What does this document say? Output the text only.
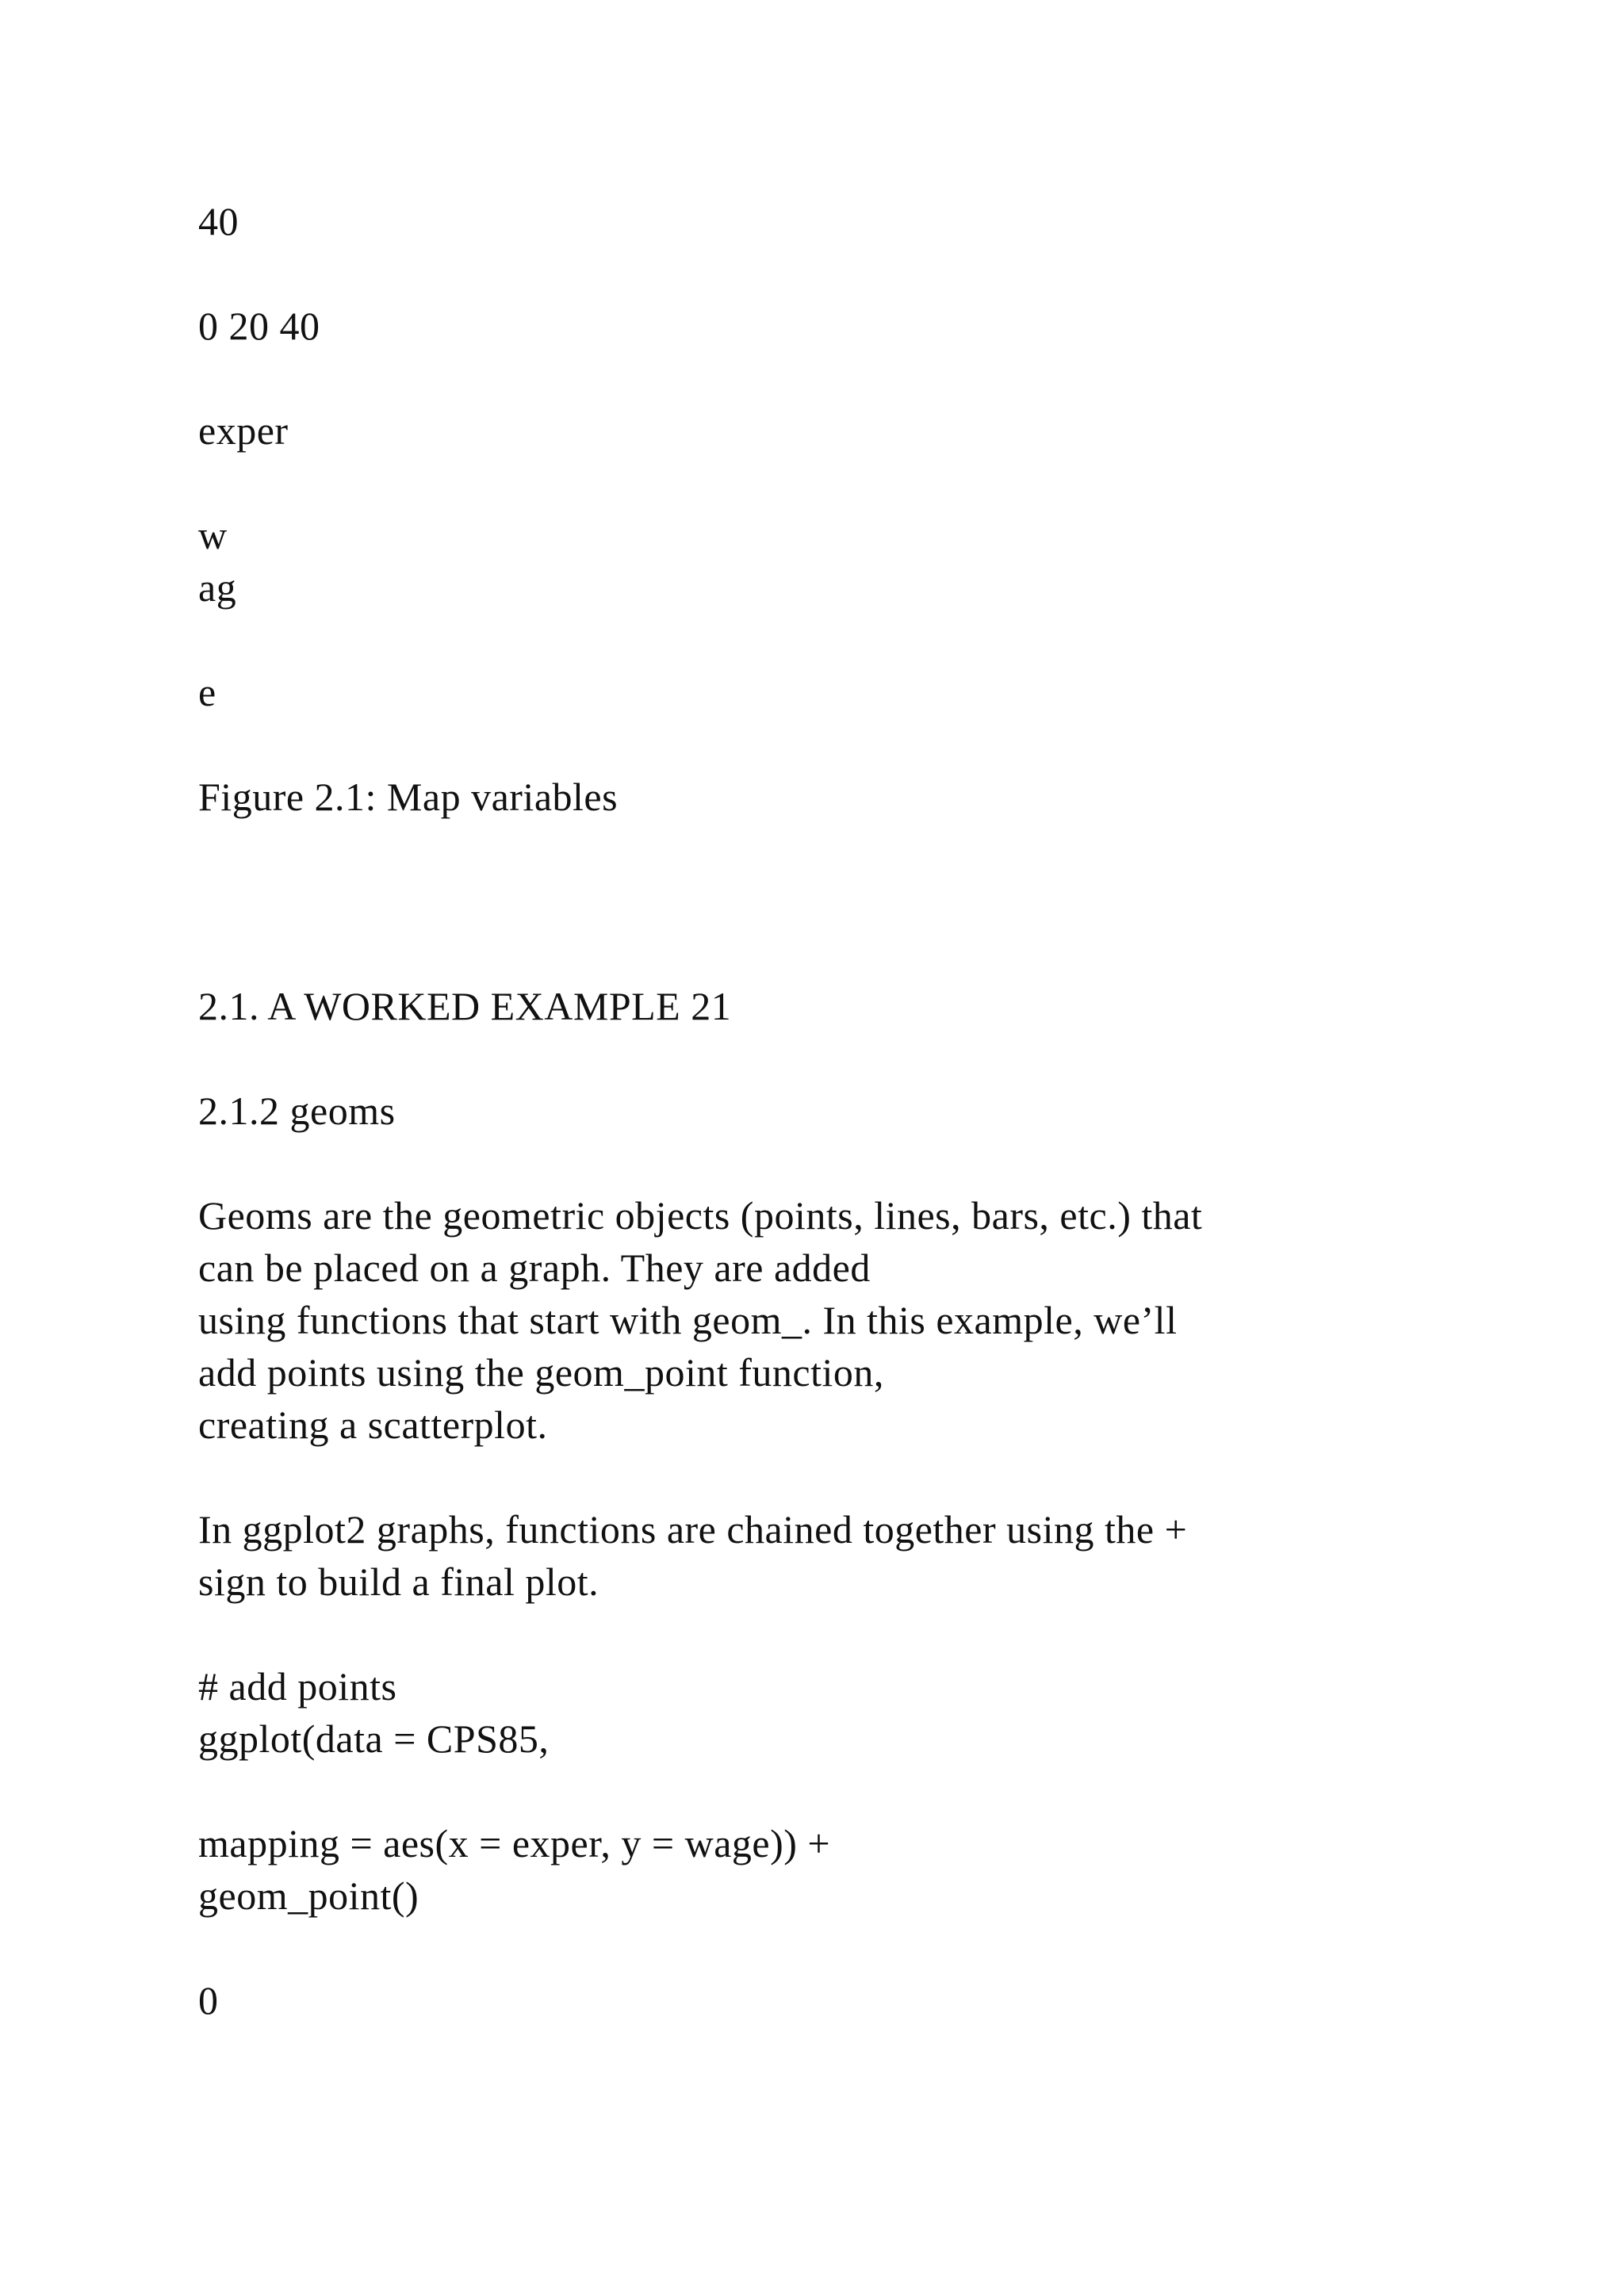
40

0 20 40

exper

w

ag

e

Figure 2.1: Map variables

2.1. A WORKED EXAMPLE 21

2.1.2 geoms

Geoms are the geometric objects (points, lines, bars, etc.) that

can be placed on a graph. They are added

using functions that start with geom_. In this example, we’ll

add points using the geom_point function,

creating a scatterplot.

In ggplot2 graphs, functions are chained together using the +

sign to build a final plot.

# add points

ggplot(data = CPS85,

mapping = aes(x = exper, y = wage)) +

geom_point()

0
